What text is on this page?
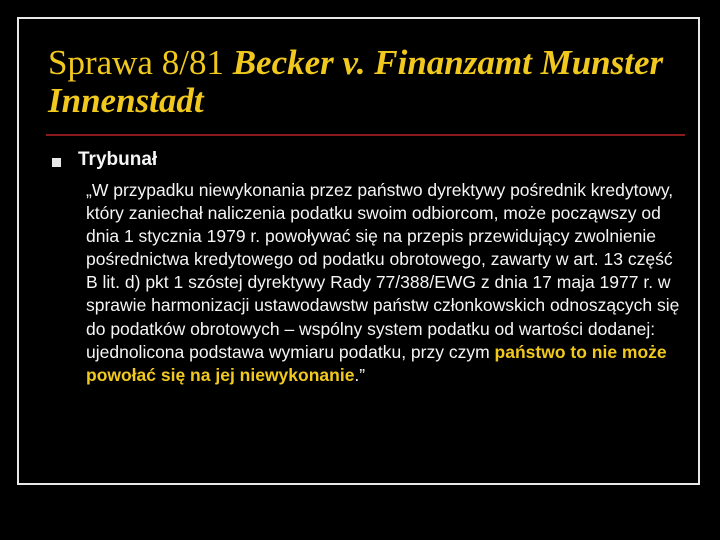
Sprawa 8/81 Becker v. Finanzamt Munster Innenstadt

Trybunał

„W przypadku niewykonania przez państwo dyrektywy pośrednik kredytowy, który zaniechał naliczenia podatku swoim odbiorcom, może począwszy od dnia 1 stycznia 1979 r. powoływać się na przepis przewidujący zwolnienie pośrednictwa kredytowego od podatku obrotowego, zawarty w art. 13 część B lit. d) pkt 1 szóstej dyrektywy Rady 77/388/EWG z dnia 17 maja 1977 r. w sprawie harmonizacji ustawodawstw państw członkowskich odnoszących się do podatków obrotowych – wspólny system podatku od wartości dodanej: ujednolicona podstawa wymiaru podatku, przy czym państwo to nie może powołać się na jej niewykonanie.”
